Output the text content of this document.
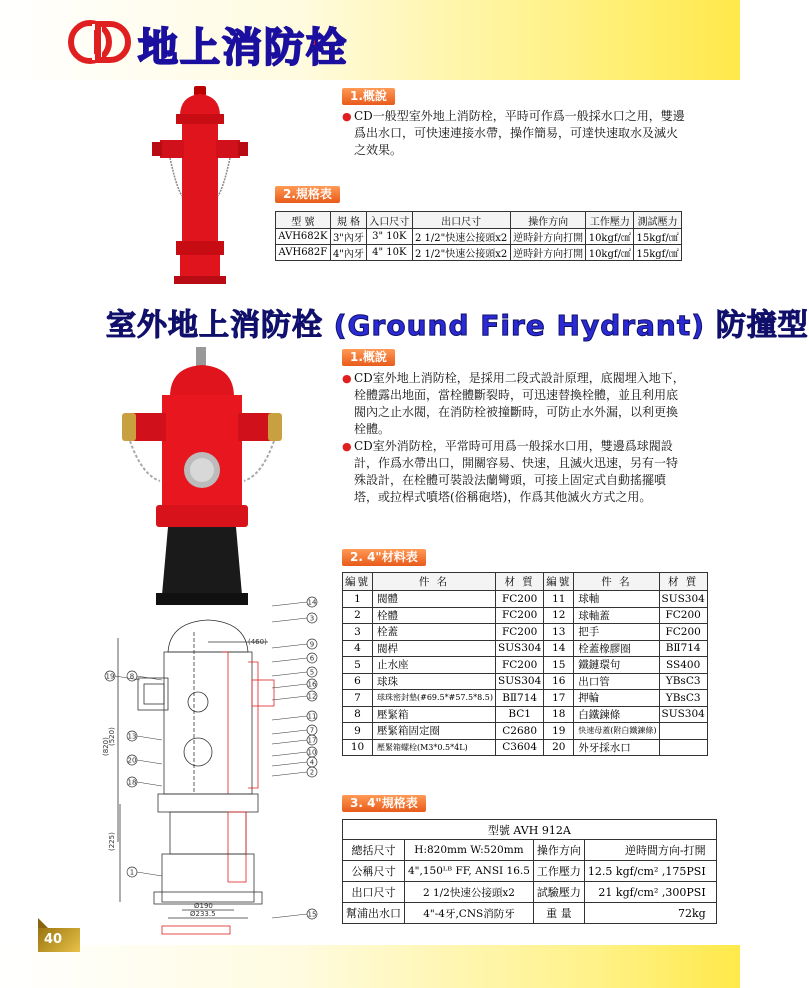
地上消防栓
1.概說

● CD一般型室外地上消防栓，平時可作爲一般採水口之用，雙邊爲出水口，可快速連接水帶，操作簡易，可達快速取水及滅火之效果。

2.規格表
型 號	規 格	入口尺寸	出口尺寸	操作方向	工作壓力	測試壓力
AVH682K	3"內牙	3" 10K	2 1/2"快速公接頭x2	逆時針方向打開	10kgf/㎠	15kgf/㎠
AVH682F	4"內牙	4" 10K	2 1/2"快速公接頭x2	逆時針方向打開	10kgf/㎠	15kgf/㎠
室外地上消防栓 (Ground Fire Hydrant) 防撞型
1.概說

● CD室外地上消防栓，是採用二段式設計原理，底閥埋入地下，栓體露出地面，當栓體斷裂時，可迅速替換栓體，並且利用底閥內之止水閥，在消防栓被撞斷時，可防止水外漏，以利更換栓體。

● CD室外消防栓，平常時可用爲一般採水口用，雙邊爲球閥設計，作爲水帶出口，開關容易、快速，且滅火迅速，另有一特殊設計，在栓體可裝設法蘭彎頭，可接上固定式自動搖擺噴塔，或拉桿式噴塔(俗稱砲塔)，作爲其他滅火方式之用。

2. 4"材料表
編號	件 名	材 質	編號	件 名	材 質
1	閥體	FC200	11	球軸	SUS304
2	栓體	FC200	12	球軸蓋	FC200
3	栓蓋	FC200	13	把手	FC200
4	閥桿	SUS304	14	栓蓋橡膠圈	BⅡ714
5	止水座	FC200	15	鐵鏈環句	SS400
6	球珠	SUS304	16	出口管	YBsC3
7	球珠密封墊(#69.5*#57.5*8.5)	BⅡ714	17	押輪	YBsC3
8	壓緊箱	BC1	18	白鐵鍊條	SUS304
9	壓緊箱固定圈	C2680	19	快速母蓋(附白鐵鍊條)	
10	壓緊箱螺栓(M3*0.5*4L)	C3604	20	外牙採水口	
3. 4"規格表
型號 AVH 912A			
總括尺寸	H:820mm W:520mm	操作方向	逆時間方向-打開
公稱尺寸	4",150ᴸᴮ FF, ANSI 16.5	工作壓力	12.5 kgf/cm² ,175PSI
出口尺寸	2 1/2快速公接頭x2	試驗壓力	21 kgf/cm² ,300PSI
幫浦出水口	4"-4牙,CNS消防牙	重 量	72kg
(460)
(820)
(520)
(225)
Ø190
Ø233.5
14
3
9
6
5
16
12
11
7
17
10
4
2
8
13
20
18
19
1
15
40
